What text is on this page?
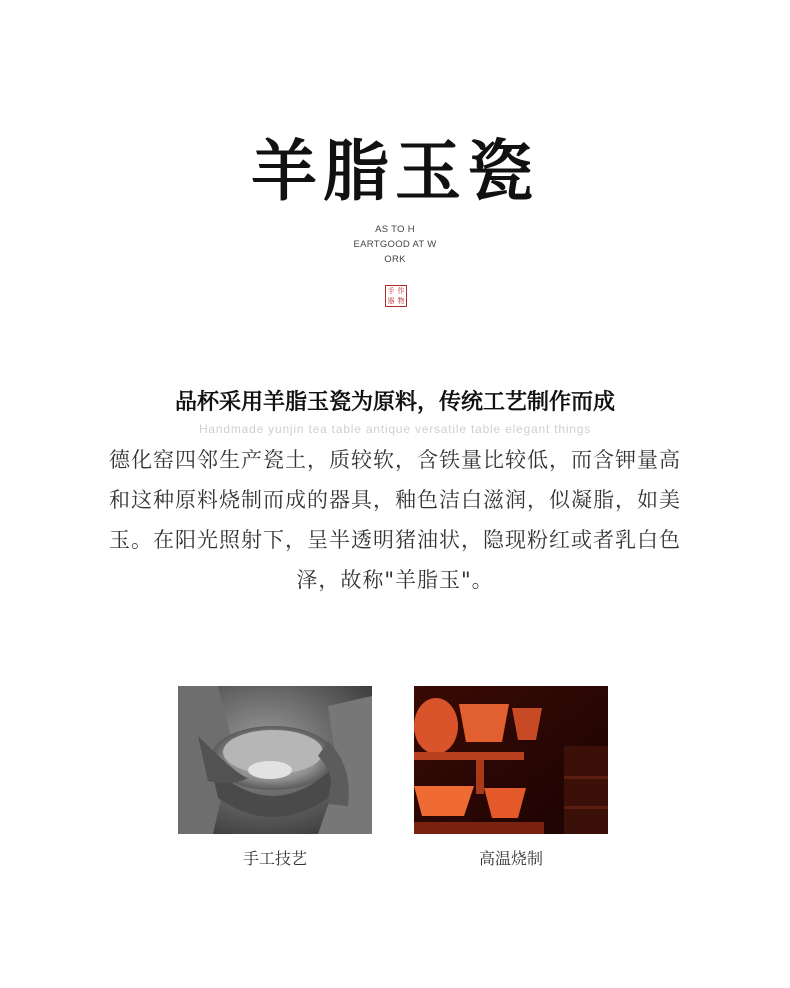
羊脂玉瓷
AS TO H
EARTGOOD AT W
ORK
手 作
器 物
品杯采用羊脂玉瓷为原料，传统工艺制作而成
Handmade yunjin tea table antique versatile table elegant things
德化窑四邻生产瓷土，质较软，含铁量比较低，而含钾量高
和这种原料烧制而成的器具，釉色洁白滋润，似凝脂，如美
玉。在阳光照射下，呈半透明猪油状，隐现粉红或者乳白色
泽，故称"羊脂玉"。
手工技艺	高温烧制
